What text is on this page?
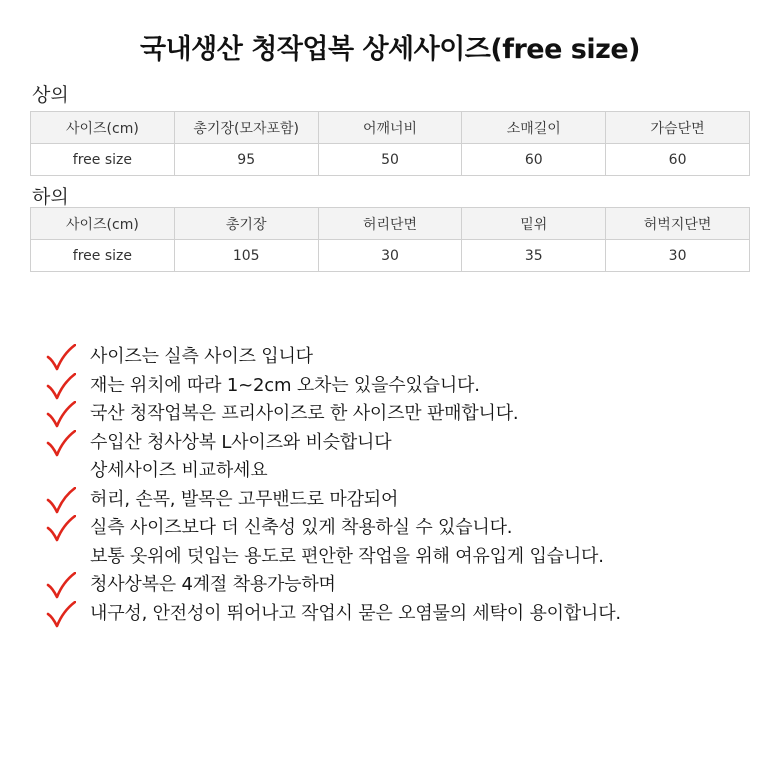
국내생산 청작업복 상세사이즈(free size)
상의
사이즈(cm)	총기장(모자포함)	어깨너비	소매길이	가슴단면
free size	95	50	60	60
하의
사이즈(cm)	총기장	허리단면	밑위	허벅지단면
free size	105	30	35	30
사이즈는 실측 사이즈 입니다
재는 위치에 따라 1~2cm 오차는 있을수있습니다.
국산 청작업복은 프리사이즈로 한 사이즈만 판매합니다.
수입산 청사상복 L사이즈와 비슷합니다
상세사이즈 비교하세요
허리, 손목, 발목은 고무밴드로 마감되어
실측 사이즈보다 더 신축성 있게 착용하실 수 있습니다.
보통 옷위에 덧입는 용도로 편안한 작업을 위해 여유입게 입습니다.
청사상복은 4계절 착용가능하며
내구성, 안전성이 뛰어나고 작업시 묻은 오염물의 세탁이 용이합니다.
